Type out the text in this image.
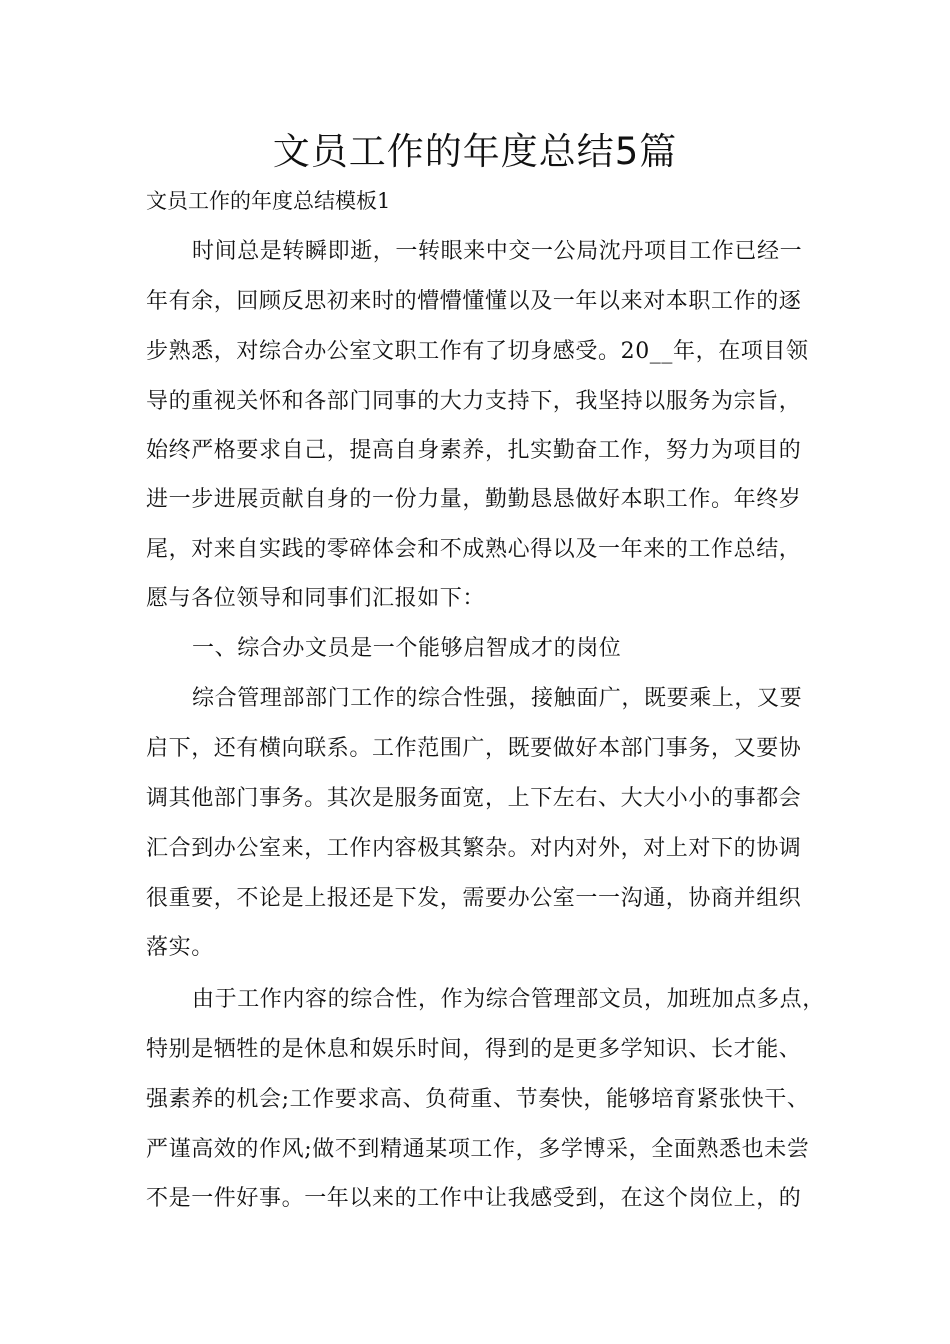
文员工作的年度总结5篇
文员工作的年度总结模板1
时间总是转瞬即逝，一转眼来中交一公局沈丹项目工作已经一
年有余，回顾反思初来时的懵懵懂懂以及一年以来对本职工作的逐
步熟悉，对综合办公室文职工作有了切身感受。20__年，在项目领
导的重视关怀和各部门同事的大力支持下，我坚持以服务为宗旨，
始终严格要求自己，提高自身素养，扎实勤奋工作，努力为项目的
进一步进展贡献自身的一份力量，勤勤恳恳做好本职工作。年终岁
尾，对来自实践的零碎体会和不成熟心得以及一年来的工作总结，
愿与各位领导和同事们汇报如下：
一、综合办文员是一个能够启智成才的岗位
综合管理部部门工作的综合性强，接触面广，既要乘上，又要
启下，还有横向联系。工作范围广，既要做好本部门事务，又要协
调其他部门事务。其次是服务面宽，上下左右、大大小小的事都会
汇合到办公室来，工作内容极其繁杂。对内对外，对上对下的协调
很重要，不论是上报还是下发，需要办公室一一沟通，协商并组织
落实。
由于工作内容的综合性，作为综合管理部文员，加班加点多点，
特别是牺牲的是休息和娱乐时间，得到的是更多学知识、长才能、
强素养的机会;工作要求高、负荷重、节奏快，能够培育紧张快干、
严谨高效的作风;做不到精通某项工作，多学博采，全面熟悉也未尝
不是一件好事。一年以来的工作中让我感受到，在这个岗位上，的
